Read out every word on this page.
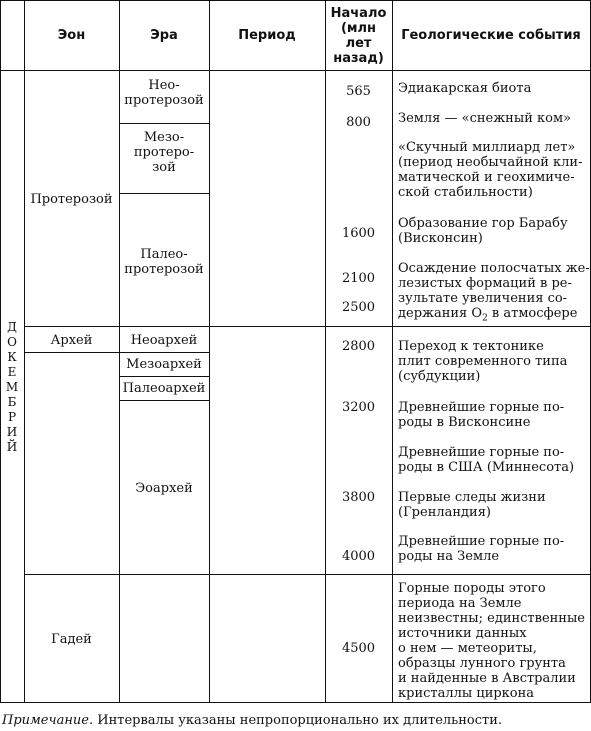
Эон	Эра	Период
Начало
(млн
лет
назад)
Геологические события
Д
О
К
Е
М
Б
Р
И
Й
Протерозой
Архей
Гадей
Нео-
протерозой
Мезо-
протеро-
зой
Палео-
протерозой
Неоархей
Мезоархей
Палеоархей
Эоархей
565
800
1600
2100
2500
2800
3200
3800
4000
4500
Эдиакарская биота
Земля — «снежный ком»
«Скучный миллиард лет»
(период необычайной кли-
матической и геохимиче-
ской стабильности)
Образование гор Барабу
(Висконсин)
Осаждение полосчатых же-
лезистых формаций в ре-
зультате увеличения со-
держания $O_2$ в атмосфере
Переход к тектонике
плит современного типа
(субдукции)
Древнейшие горные по-
роды в Висконсине
Древнейшие горные по-
роды в США (Миннесота)
Первые следы жизни
(Гренландия)
Древнейшие горные по-
роды на Земле
Горные породы этого
периода на Земле
неизвестны; единственные
источники данных
о нем — метеориты,
образцы лунного грунта
и найденные в Австралии
кристаллы циркона
Примечание. Интервалы указаны непропорционально их длительности.
